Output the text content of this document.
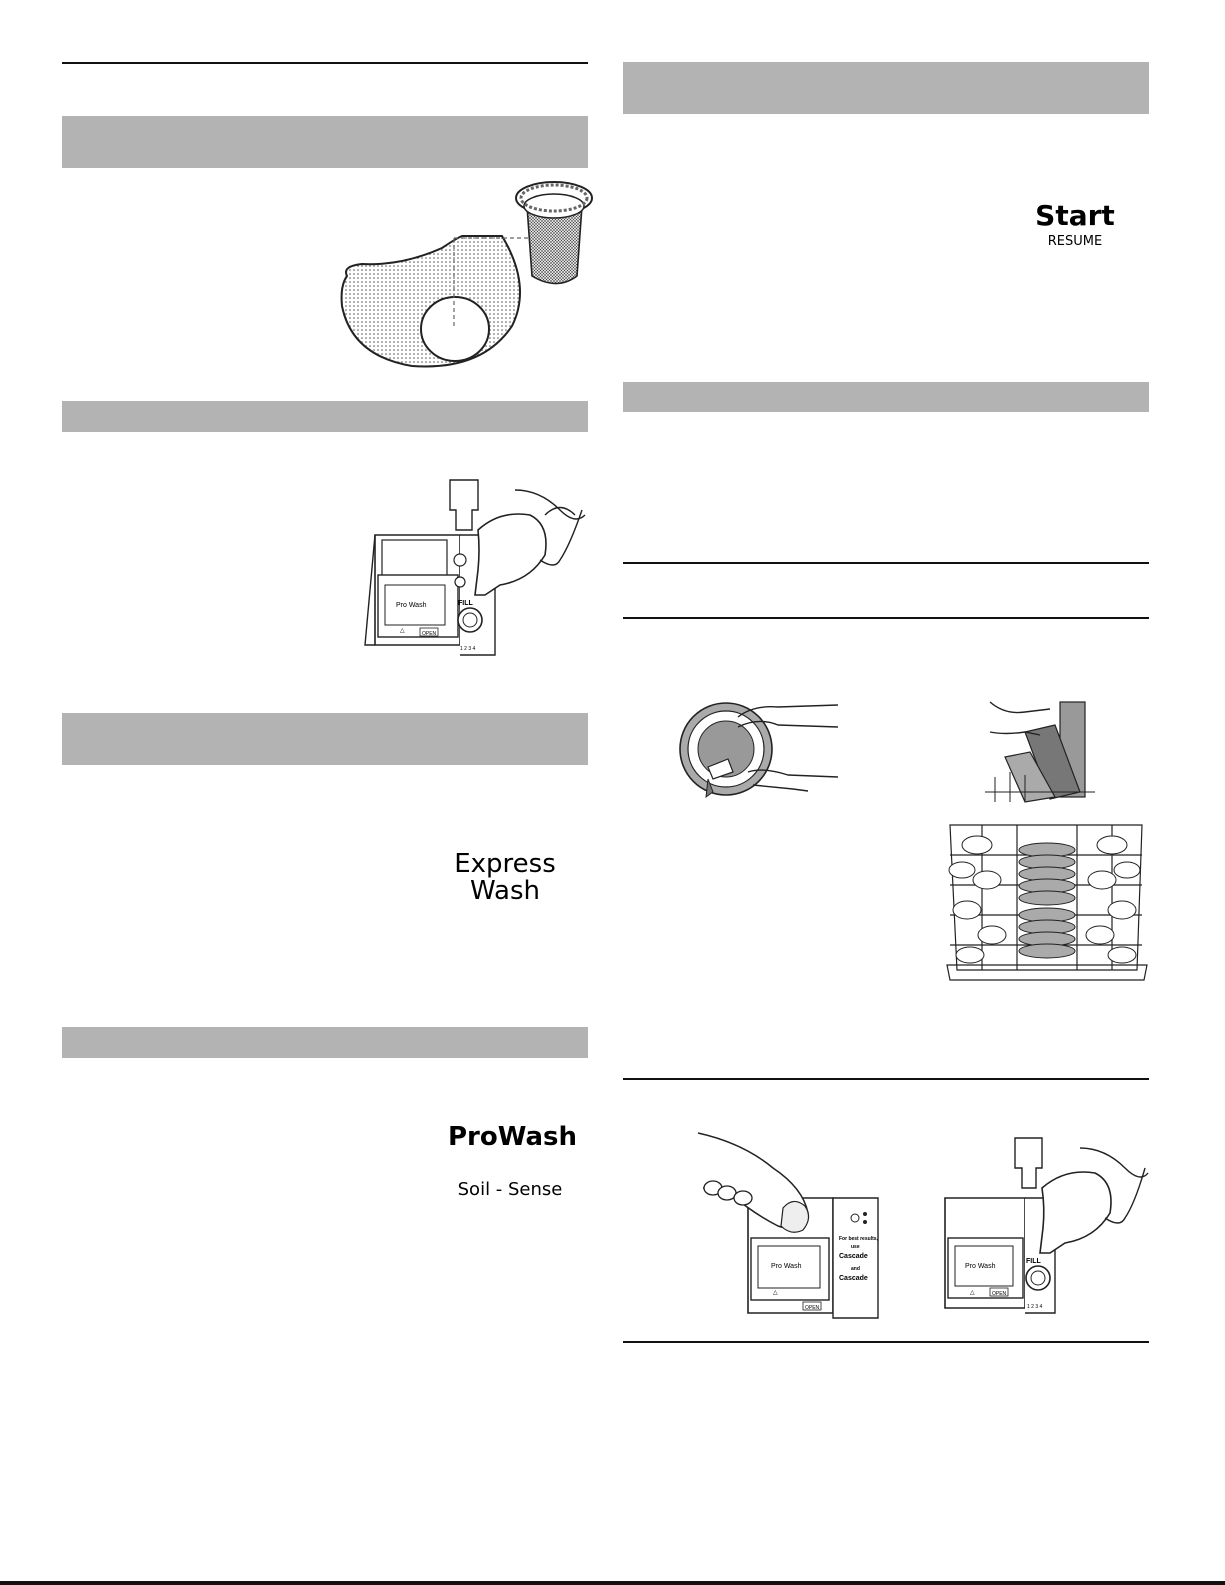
Pro Wash
OPEN
△
FILL
1 2 3 4
Express
Wash
ProWash
Soil - Sense
Start
RESUME
Pro Wash
△
OPEN
For best results,
use
Cascade
and
Cascade
Pro Wash
△	OPEN
FILL
1 2 3 4
